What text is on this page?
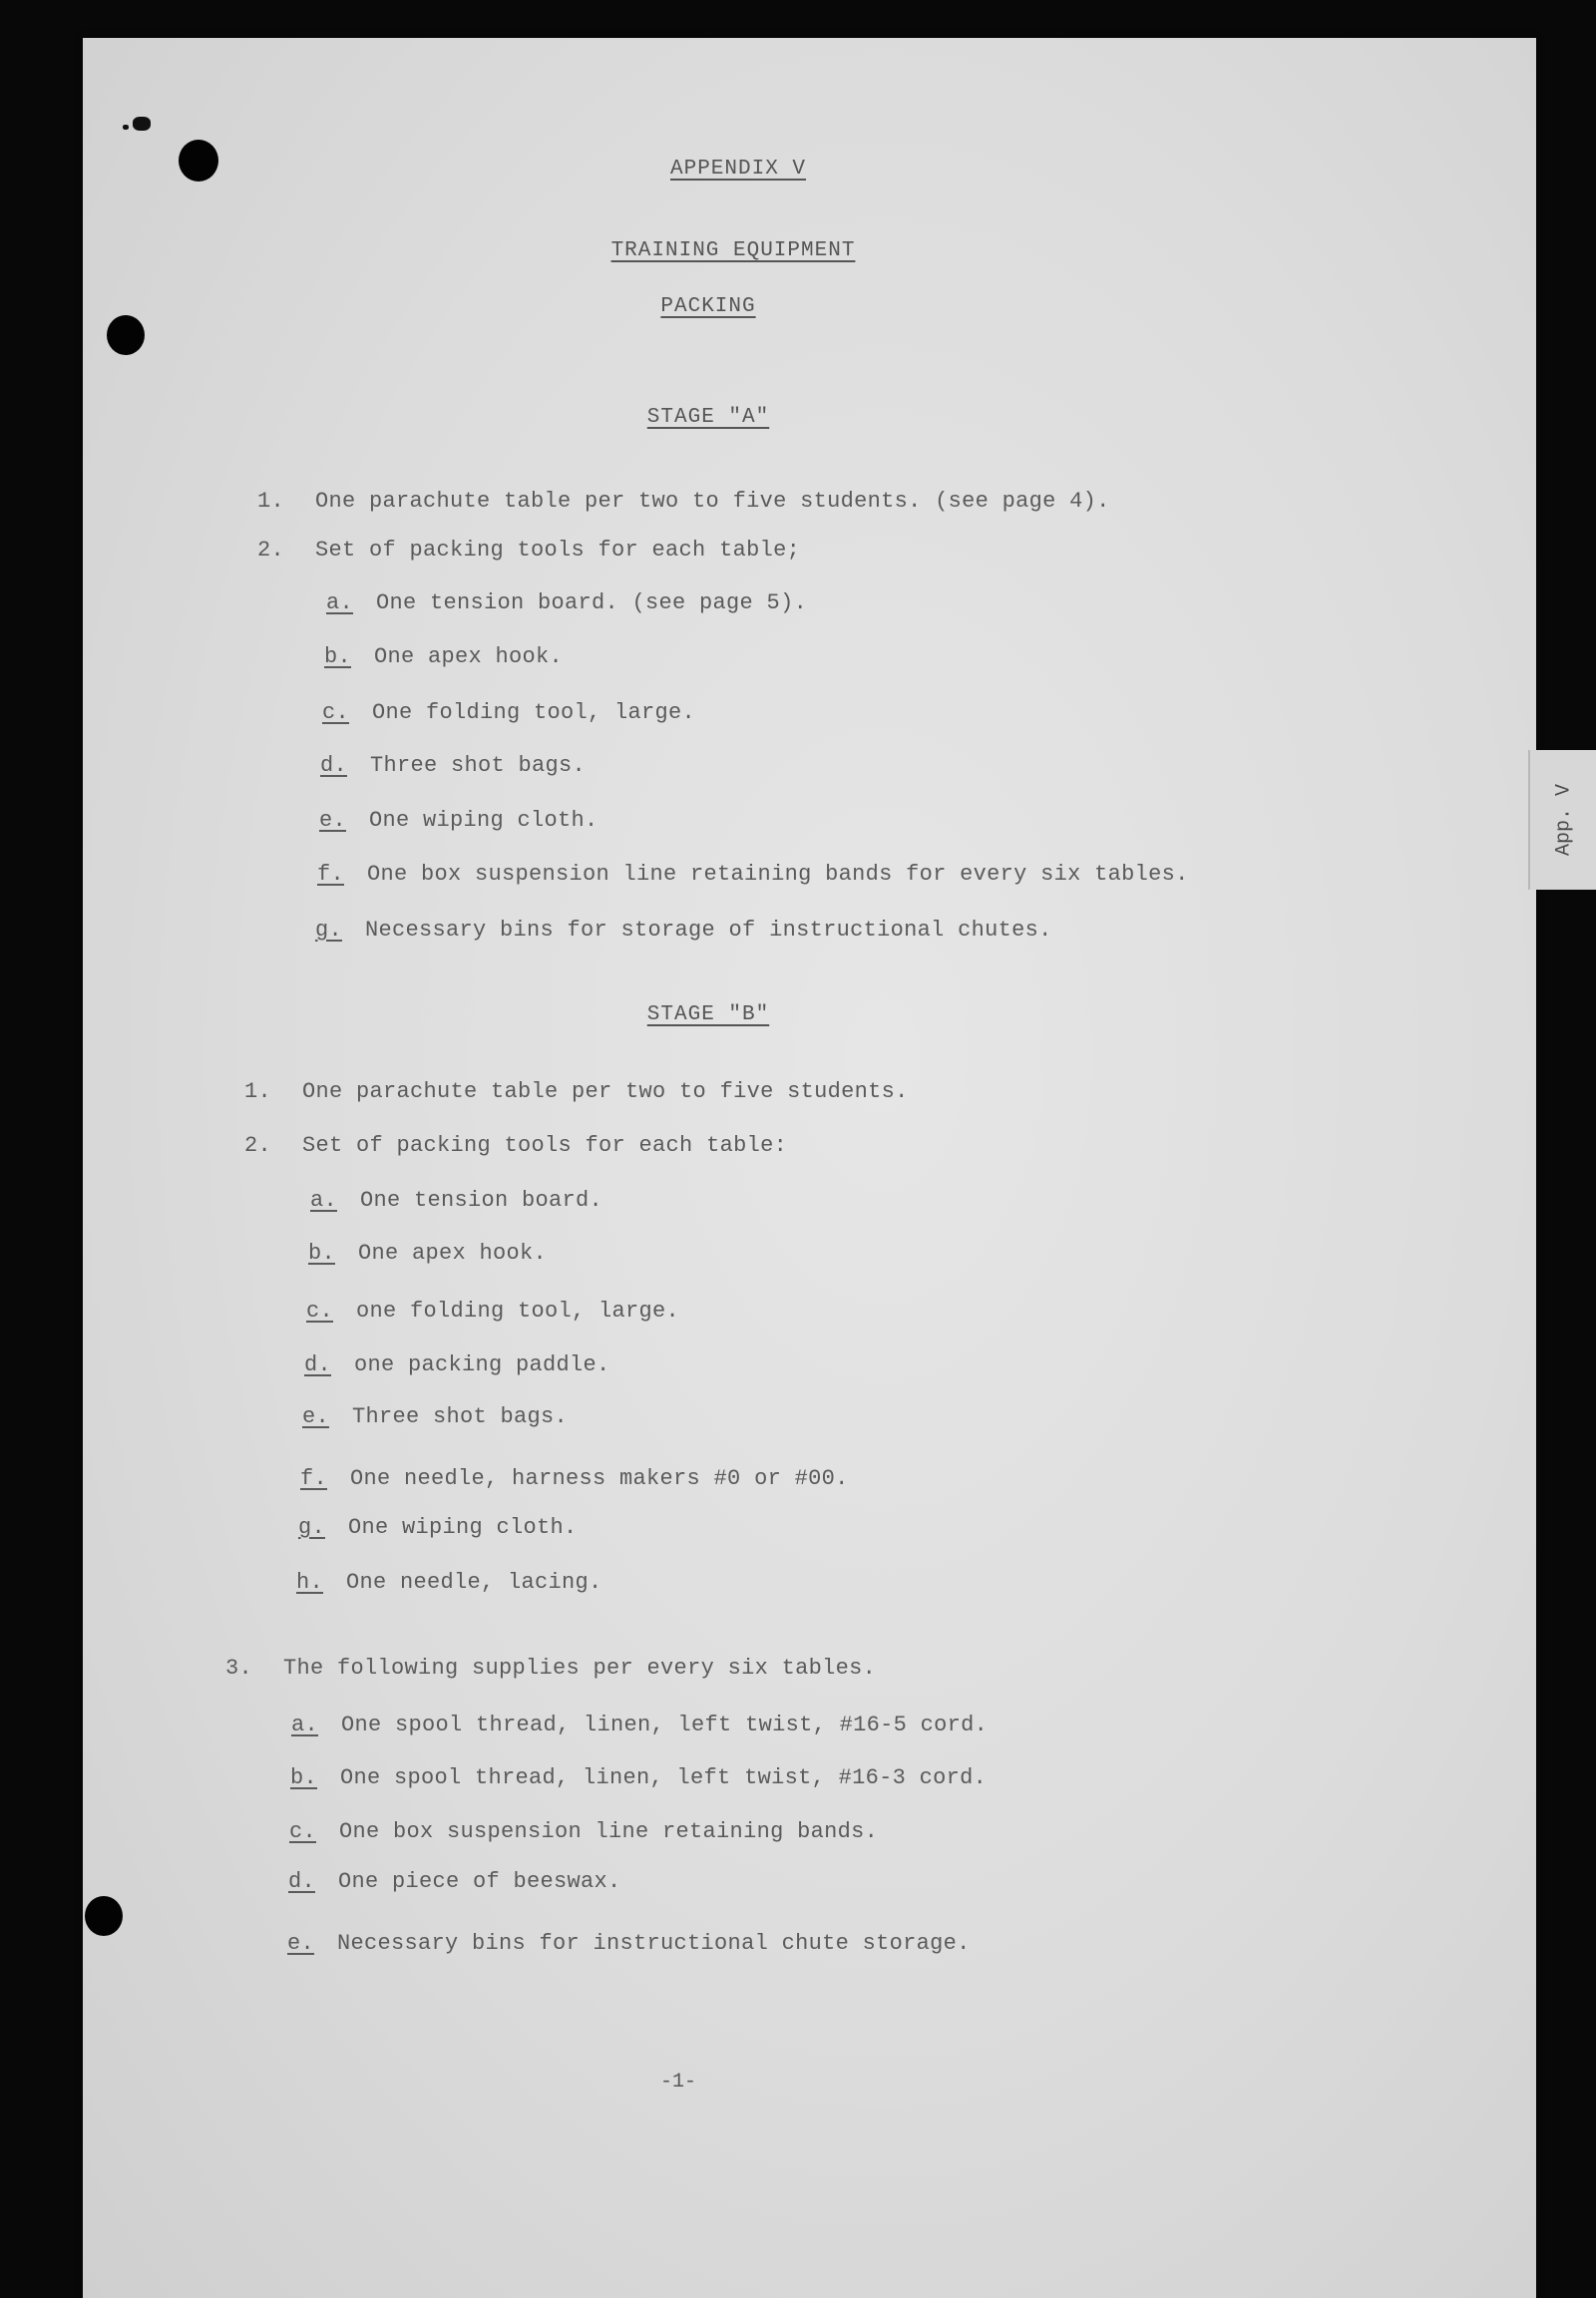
App. V
APPENDIX V
TRAINING EQUIPMENT
PACKING
STAGE "A"
1. One parachute table per two to five students. (see page 4).
2. Set of packing tools for each table;
a. One tension board. (see page 5).
b. One apex hook.
c. One folding tool, large.
d. Three shot bags.
e. One wiping cloth.
f. One box suspension line retaining bands for every six tables.
g. Necessary bins for storage of instructional chutes.
STAGE "B"
1. One parachute table per two to five students.
2. Set of packing tools for each table:
a. One tension board.
b. One apex hook.
c. one folding tool, large.
d. one packing paddle.
e. Three shot bags.
f. One needle, harness makers #0 or #00.
g. One wiping cloth.
h. One needle, lacing.
3. The following supplies per every six tables.
a. One spool thread, linen, left twist, #16-5 cord.
b. One spool thread, linen, left twist, #16-3 cord.
c. One box suspension line retaining bands.
d. One piece of beeswax.
e. Necessary bins for instructional chute storage.
-1-
